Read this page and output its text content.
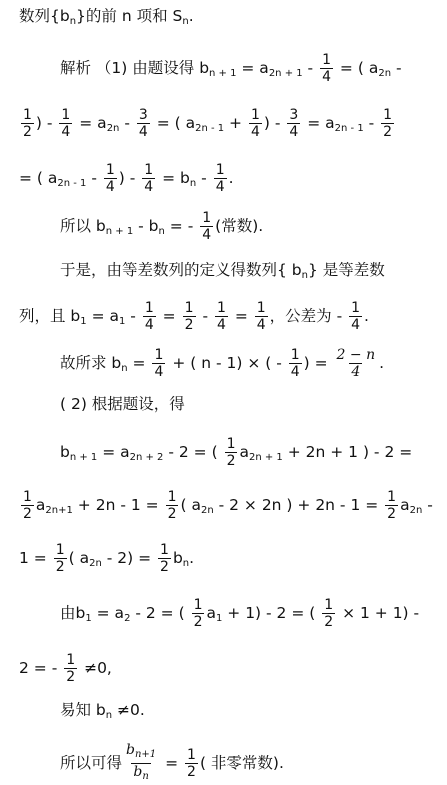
数列$\{b_n\}$的前 n 项和 $S_n$.
解析 （1) 由题设得 $b_{n + 1} = a_{2n + 1} - \frac{1}{4}$ = ( $a_{2n}$ -
$\frac{1}{2}$ ) - $\frac{1}{4} = a_{2n} - \frac{3}{4}$ = ( $a_{2n - 1} + \frac{1}{4}$ ) - $\frac{3}{4} = a_{2n - 1} - \frac{1}{2}$
= ( $a_{2n - 1} - \frac{1}{4}$ ) - $\frac{1}{4} = b_n - \frac{1}{4}$ .
所以 $b_{n + 1} - b_n$ = - $\frac{1}{4}$ (常数).
于是，由等差数列的定义得数列{ $b_n$} 是等差数
列，且 $b_1 = a_1 - \frac{1}{4} = \frac{1}{2} - \frac{1}{4} = \frac{1}{4}$ ，公差为 - $\frac{1}{4}$ .
故所求 $b_n = \frac{1}{4}$ + ( n - 1) × ( - $\frac{1}{4}$ ) = $\frac{2 - n}{4}$ .
( 2) 根据题设，得
$b_{n + 1} = a_{2n + 2} - 2$ = ( $\frac{1}{2} a_{2n + 1} + 2n + 1$ ) - 2 =
$\frac{1}{2} a_{2n+1} + 2n - 1 = \frac{1}{2}$ ( $a_{2n} - 2 \times 2n$ ) + $2n - 1 = \frac{1}{2} a_{2n}$ -
$1 = \frac{1}{2}$ ( $a_{2n} - 2) = \frac{1}{2} b_n$.
由$b_1 = a_2 - 2$ = ( $\frac{1}{2} a_1 + 1) - 2$ = ( $\frac{1}{2} \times 1 + 1$) -
2 = - $\frac{1}{2} \ne 0$,
易知 $b_n \ne 0$.
所以可得 $\frac{b_{n+1}}{b_n} = \frac{1}{2}$ ( 非零常数).
